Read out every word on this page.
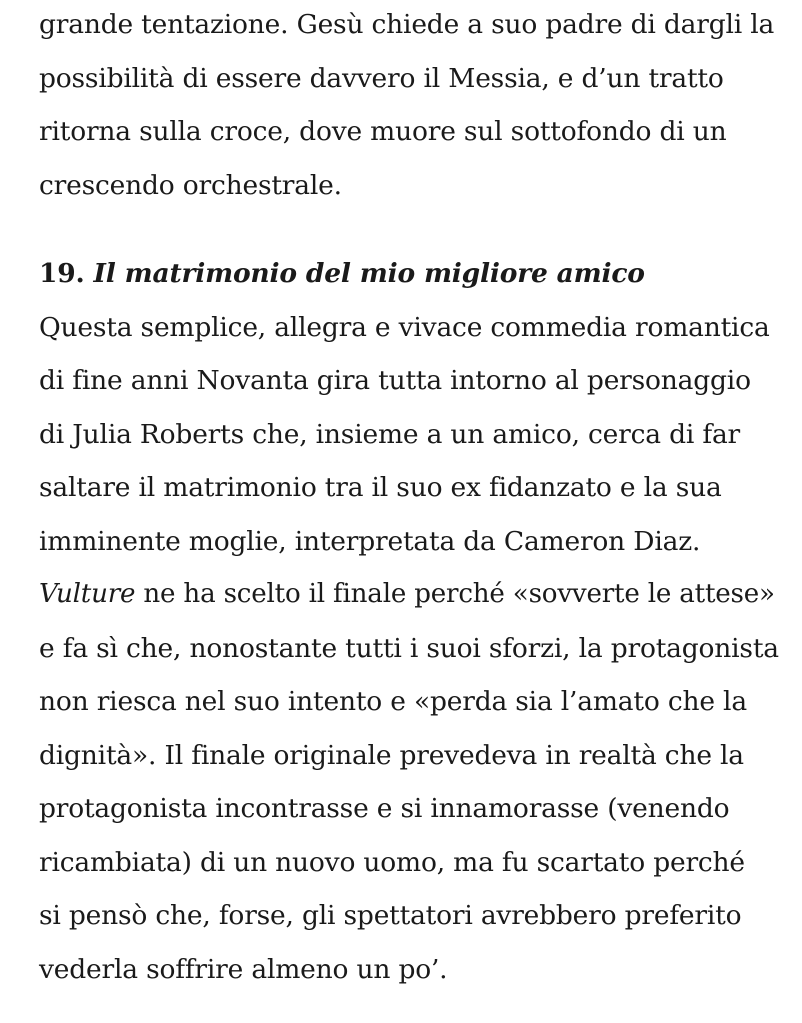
grande tentazione. Gesù chiede a suo padre di dargli la
possibilità di essere davvero il Messia, e d’un tratto
ritorna sulla croce, dove muore sul sottofondo di un
crescendo orchestrale.
19. Il matrimonio del mio migliore amico
Questa semplice, allegra e vivace commedia romantica
di fine anni Novanta gira tutta intorno al personaggio
di Julia Roberts che, insieme a un amico, cerca di far
saltare il matrimonio tra il suo ex fidanzato e la sua
imminente moglie, interpretata da Cameron Diaz.
Vulture ne ha scelto il finale perché «sovverte le attese»
e fa sì che, nonostante tutti i suoi sforzi, la protagonista
non riesca nel suo intento e «perda sia l’amato che la
dignità». Il finale originale prevedeva in realtà che la
protagonista incontrasse e si innamorasse (venendo
ricambiata) di un nuovo uomo, ma fu scartato perché
si pensò che, forse, gli spettatori avrebbero preferito
vederla soffrire almeno un po’.
